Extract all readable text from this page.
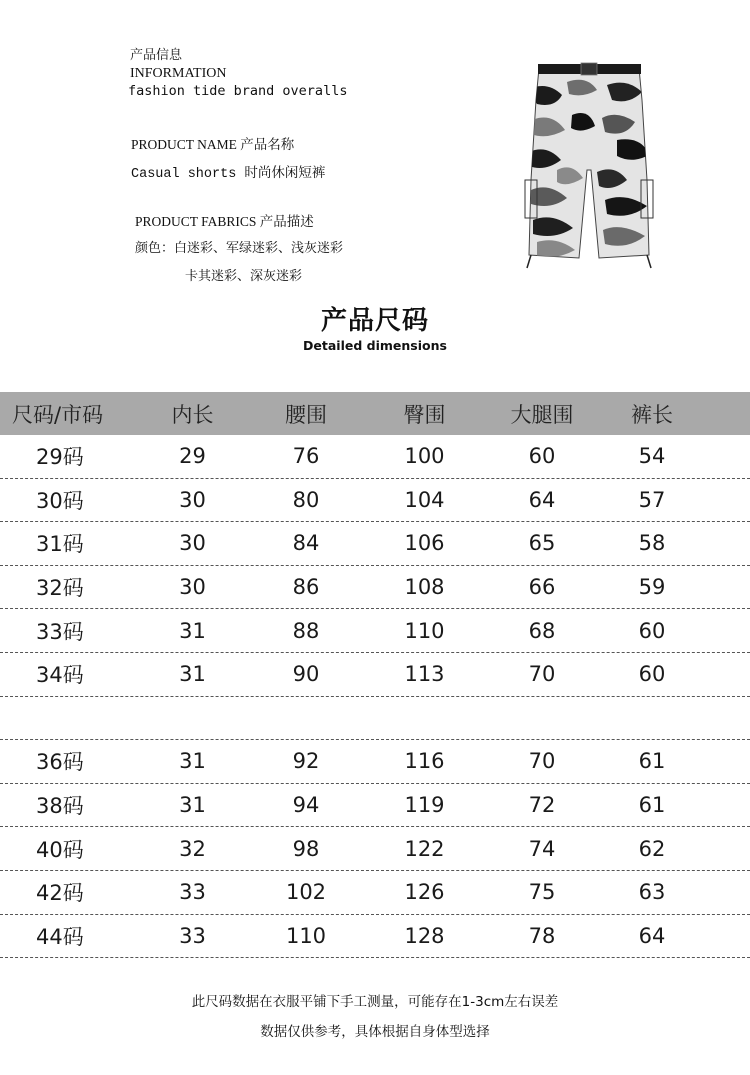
产品信息
INFORMATION
fashion tide brand overalls
PRODUCT NAME 产品名称
Casual shorts 时尚休闲短裤
PRODUCT FABRICS 产品描述
颜色：白迷彩、军绿迷彩、浅灰迷彩
卡其迷彩、深灰迷彩
产品尺码
Detailed dimensions
尺码/市码	内长	腰围	臀围	大腿围	裤长
29码	29	76	100	60	54
30码	30	80	104	64	57
31码	30	84	106	65	58
32码	30	86	108	66	59
33码	31	88	110	68	60
34码	31	90	113	70	60
36码	31	92	116	70	61
38码	31	94	119	72	61
40码	32	98	122	74	62
42码	33	102	126	75	63
44码	33	110	128	78	64
此尺码数据在衣服平铺下手工测量，可能存在1-3cm左右误差
数据仅供参考，具体根据自身体型选择
